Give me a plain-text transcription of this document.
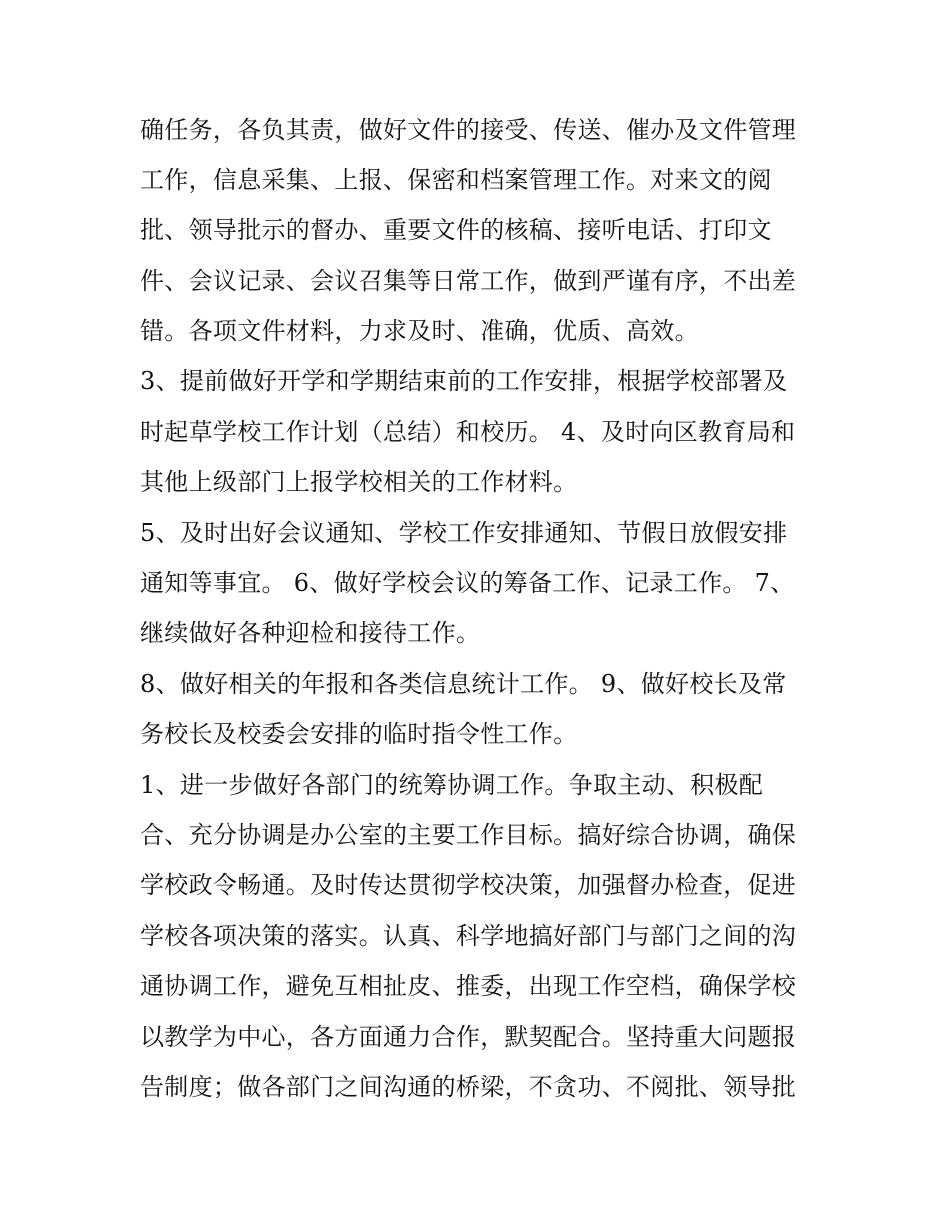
确任务，各负其责，做好文件的接受、传送、催办及文件管理
工作，信息采集、上报、保密和档案管理工作。对来文的阅
批、领导批示的督办、重要文件的核稿、接听电话、打印文
件、会议记录、会议召集等日常工作，做到严谨有序，不出差
错。各项文件材料，力求及时、准确，优质、高效。
3、提前做好开学和学期结束前的工作安排，根据学校部署及
时起草学校工作计划（总结）和校历。 4、及时向区教育局和
其他上级部门上报学校相关的工作材料。
5、及时出好会议通知、学校工作安排通知、节假日放假安排
通知等事宜。 6、做好学校会议的筹备工作、记录工作。 7、
继续做好各种迎检和接待工作。
8、做好相关的年报和各类信息统计工作。 9、做好校长及常
务校长及校委会安排的临时指令性工作。
1、进一步做好各部门的统筹协调工作。争取主动、积极配
合、充分协调是办公室的主要工作目标。搞好综合协调，确保
学校政令畅通。及时传达贯彻学校决策，加强督办检查，促进
学校各项决策的落实。认真、科学地搞好部门与部门之间的沟
通协调工作，避免互相扯皮、推委，出现工作空档，确保学校
以教学为中心，各方面通力合作，默契配合。坚持重大问题报
告制度；做各部门之间沟通的桥梁，不贪功、不阅批、领导批
